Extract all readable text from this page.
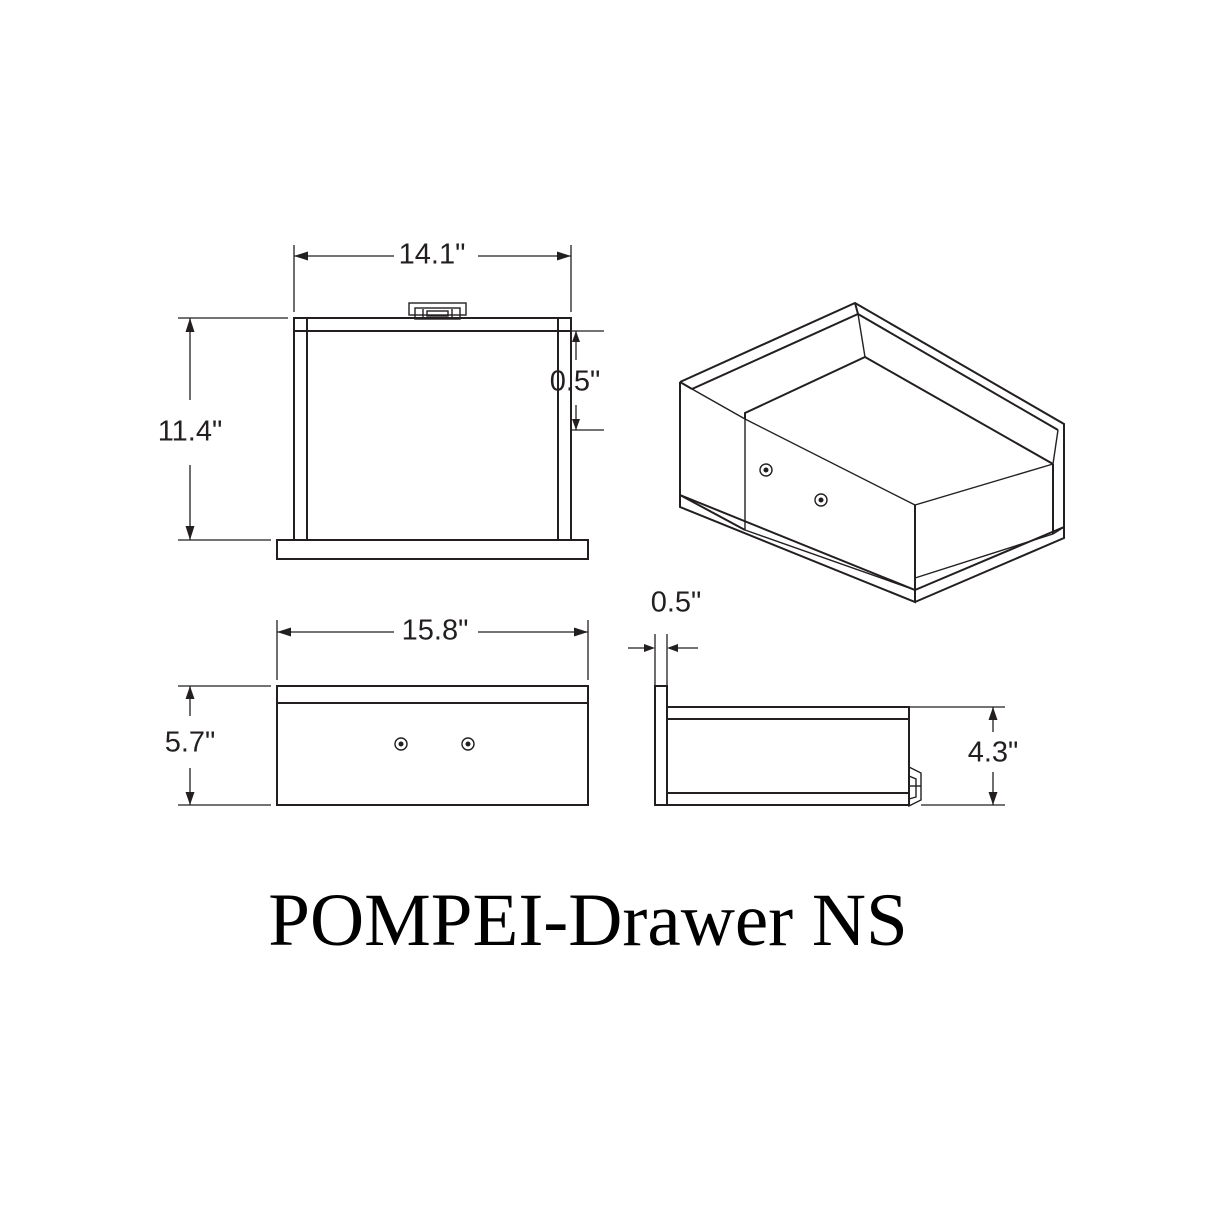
14.1"
11.4"
0.5"
15.8"
5.7"
0.5"
4.3"
POMPEI-Drawer NS
